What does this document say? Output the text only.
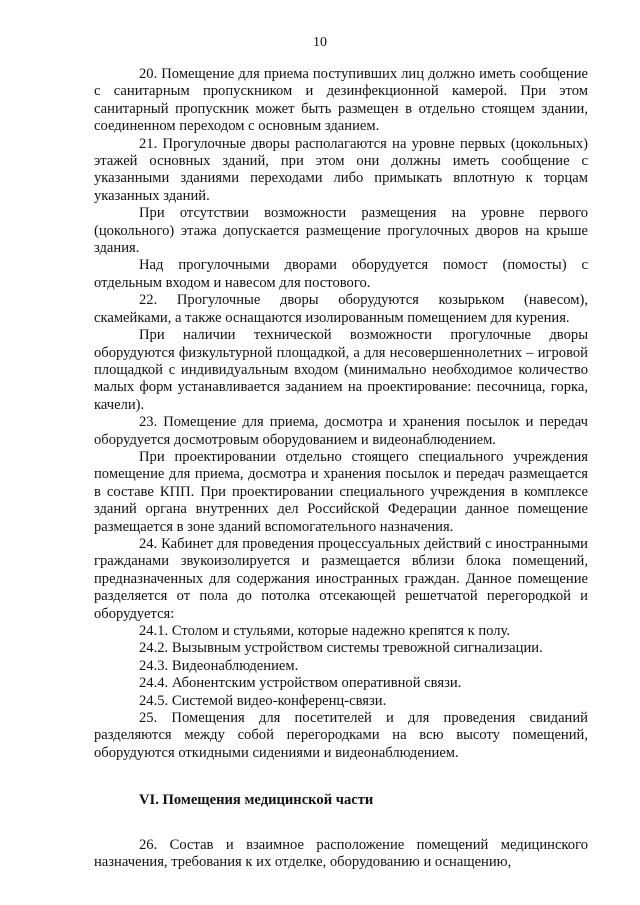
10

20. Помещение для приема поступивших лиц должно иметь сообщение с санитарным пропускником и дезинфекционной камерой. При этом санитарный пропускник может быть размещен в отдельно стоящем здании, соединенном переходом с основным зданием.

21. Прогулочные дворы располагаются на уровне первых (цокольных) этажей основных зданий, при этом они должны иметь сообщение с указанными зданиями переходами либо примыкать вплотную к торцам указанных зданий.

При отсутствии возможности размещения на уровне первого (цокольного) этажа допускается размещение прогулочных дворов на крыше здания.

Над прогулочными дворами оборудуется помост (помосты) с отдельным входом и навесом для постового.

22. Прогулочные дворы оборудуются козырьком (навесом), скамейками, а также оснащаются изолированным помещением для курения.

При наличии технической возможности прогулочные дворы оборудуются физкультурной площадкой, а для несовершеннолетних – игровой площадкой с индивидуальным входом (минимально необходимое количество малых форм устанавливается заданием на проектирование: песочница, горка, качели).

23. Помещение для приема, досмотра и хранения посылок и передач оборудуется досмотровым оборудованием и видеонаблюдением.

При проектировании отдельно стоящего специального учреждения помещение для приема, досмотра и хранения посылок и передач размещается в составе КПП. При проектировании специального учреждения в комплексе зданий органа внутренних дел Российской Федерации данное помещение размещается в зоне зданий вспомогательного назначения.

24. Кабинет для проведения процессуальных действий с иностранными гражданами звукоизолируется и размещается вблизи блока помещений, предназначенных для содержания иностранных граждан. Данное помещение разделяется от пола до потолка отсекающей решетчатой перегородкой и оборудуется:

24.1. Столом и стульями, которые надежно крепятся к полу.

24.2. Вызывным устройством системы тревожной сигнализации.

24.3. Видеонаблюдением.

24.4. Абонентским устройством оперативной связи.

24.5. Системой видео-конференц-связи.

25. Помещения для посетителей и для проведения свиданий разделяются между собой перегородками на всю высоту помещений, оборудуются откидными сидениями и видеонаблюдением.

VI. Помещения медицинской части

26. Состав и взаимное расположение помещений медицинского назначения, требования к их отделке, оборудованию и оснащению,
